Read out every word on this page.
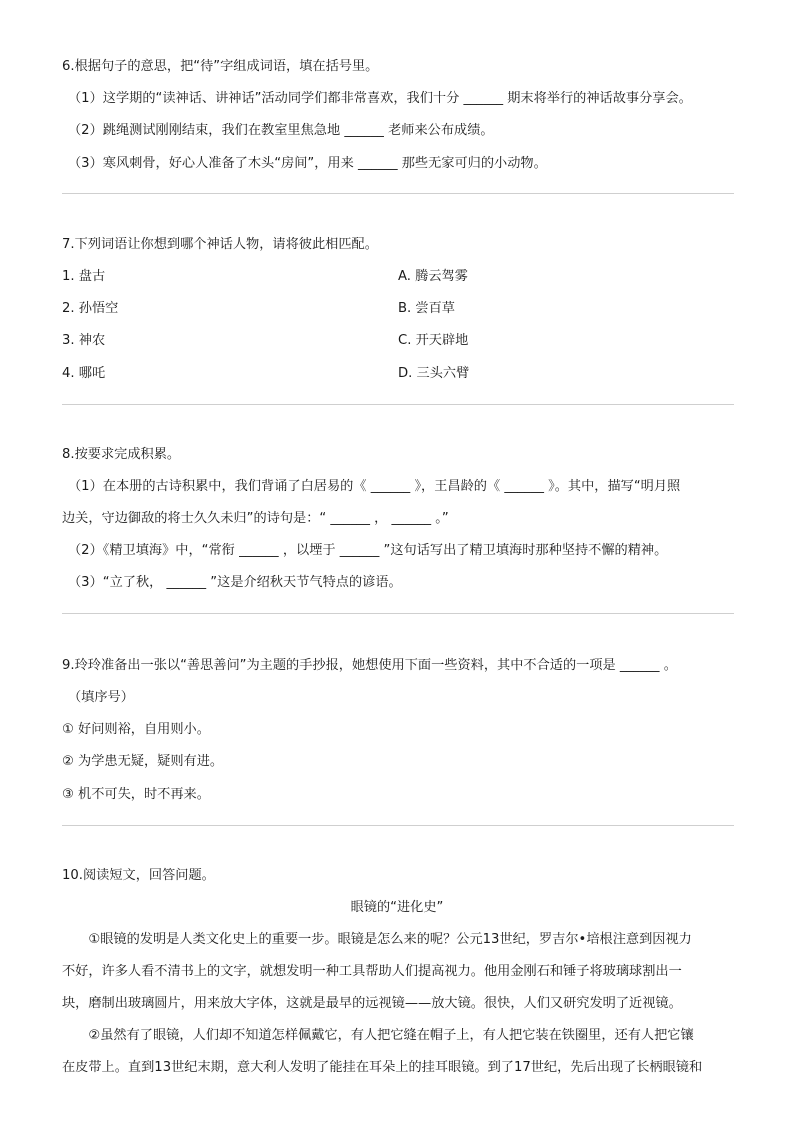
6.根据句子的意思，把“待”字组成词语，填在括号里。
（1）这学期的“读神话、讲神话”活动同学们都非常喜欢，我们十分 ______ 期末将举行的神话故事分享会。
（2）跳绳测试刚刚结束，我们在教室里焦急地 ______ 老师来公布成绩。
（3）寒风刺骨，好心人准备了木头“房间”，用来 ______ 那些无家可归的小动物。
7.下列词语让你想到哪个神话人物，请将彼此相匹配。
1. 盘古	A. 腾云驾雾
2. 孙悟空	B. 尝百草
3. 神农	C. 开天辟地
4. 哪吒	D. 三头六臂
8.按要求完成积累。
（1）在本册的古诗积累中，我们背诵了白居易的《 ______ 》，王昌龄的《 ______ 》。其中，描写“明月照
边关，守边御敌的将士久久未归”的诗句是：“ ______ ， ______ 。”
（2）《精卫填海》中，“常衔 ______ ，以堙于 ______ ”这句话写出了精卫填海时那种坚持不懈的精神。
（3）“立了秋， ______ ”这是介绍秋天节气特点的谚语。
9.玲玲准备出一张以“善思善问”为主题的手抄报，她想使用下面一些资料，其中不合适的一项是 ______ 。
（填序号）
① 好问则裕，自用则小。
② 为学患无疑，疑则有进。
③ 机不可失，时不再来。
10.阅读短文，回答问题。
眼镜的“进化史”
　　①眼镜的发明是人类文化史上的重要一步。眼镜是怎么来的呢？公元13世纪，罗吉尔•培根注意到因视力
不好，许多人看不清书上的文字，就想发明一种工具帮助人们提高视力。他用金刚石和锤子将玻璃球割出一
块，磨制出玻璃圆片，用来放大字体，这就是最早的远视镜——放大镜。很快，人们又研究发明了近视镜。
　　②虽然有了眼镜，人们却不知道怎样佩戴它，有人把它缝在帽子上，有人把它装在铁圈里，还有人把它镶
在皮带上。直到13世纪末期，意大利人发明了能挂在耳朵上的挂耳眼镜。到了17世纪，先后出现了长柄眼镜和
